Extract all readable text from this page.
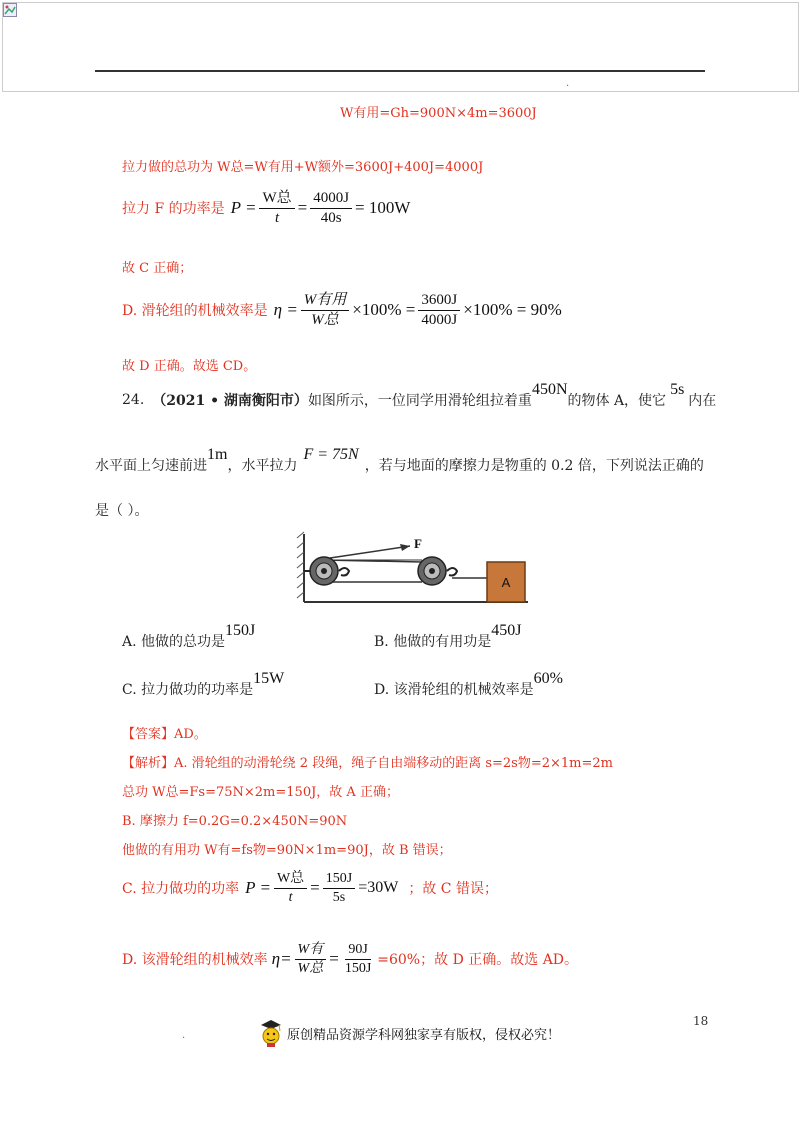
.
W有用=Gh=900N×4m=3600J
拉力做的总功为 W总=W有用+W额外=3600J+400J=4000J
拉力 F 的功率是 $P = \frac{\text{W总}}{t} = \frac{4000J}{40s} = 100W$
故 C 正确；
D. 滑轮组的机械效率是 $\eta = \frac{\text{W有用}}{\text{W总}} \times 100\% = \frac{3600J}{4000J} \times 100\% = 90\%$
故 D 正确。故选 CD。
24. （2021 • 湖南衡阳市） 如图所示，一位同学用滑轮组拉着重
450N
的物体 A，使它
5s
内在
水平面上匀速前进
1m
，水平拉力
F = 75N
，若与地面的摩擦力是物重的 0.2 倍，下列说法正确的
是（ ）。
F
A
A. 他做的总功是
150J
B. 他做的有用功是
450J
C. 拉力做功的功率是
15W
D. 该滑轮组的机械效率是
60%
【答案】AD。
【解析】A. 滑轮组的动滑轮绕 2 段绳，绳子自由端移动的距离 s=2s物=2×1m=2m
总功 W总=Fs=75N×2m=150J，故 A 正确；
B. 摩擦力 f=0.2G=0.2×450N=90N
他做的有用功 W有=fs物=90N×1m=90J，故 B 错误；
C. 拉力做功的功率 $P = \frac{\text{W总}}{t} = \frac{150J}{5s} =30W$ ；故 C 错误；
D. 该滑轮组的机械效率 $\eta= \frac{\text{W有}}{\text{W总}} = \frac{90J}{150J} =60\%$；故 D 正确。故选 AD。
18
.	原创精品资源学科网独家享有版权，侵权必究！
